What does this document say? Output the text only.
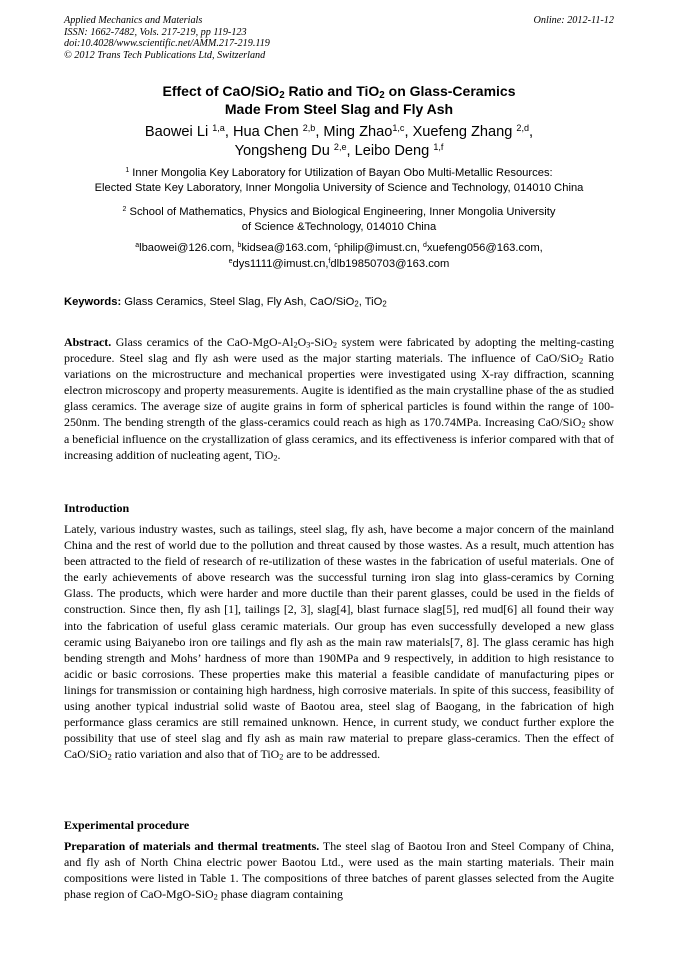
Applied Mechanics and Materials
ISSN: 1662-7482, Vols. 217-219, pp 119-123
doi:10.4028/www.scientific.net/AMM.217-219.119
© 2012 Trans Tech Publications Ltd, Switzerland
Online: 2012-11-12
Effect of CaO/SiO$_2$ Ratio and TiO$_2$ on Glass-Ceramics
Made From Steel Slag and Fly Ash
Baowei Li $^{1,a}$, Hua Chen $^{2,b}$, Ming Zhao$^{1,c}$, Xuefeng Zhang $^{2,d}$,
Yongsheng Du $^{2,e}$, Leibo Deng $^{1,f}$
$^1$ Inner Mongolia Key Laboratory for Utilization of Bayan Obo Multi-Metallic Resources:
Elected State Key Laboratory, Inner Mongolia University of Science and Technology, 014010 China
$^2$ School of Mathematics, Physics and Biological Engineering, Inner Mongolia University
of Science &Technology, 014010 China
$^a$lbaowei@126.com, $^b$kidsea@163.com, $^c$philip@imust.cn, $^d$xuefeng056@163.com,
$^e$dys1111@imust.cn,$^f$dlb19850703@163.com
Keywords: Glass Ceramics, Steel Slag, Fly Ash, CaO/SiO$_2$, TiO$_2$
Abstract. Glass ceramics of the CaO-$MgO-Al_2O_3-SiO_2$ system were fabricated by adopting the melting-casting procedure. Steel slag and fly ash were used as the major starting materials. The influence of CaO/SiO$_2$ Ratio variations on the microstructure and mechanical properties were investigated using X-ray diffraction, scanning electron microscopy and property measurements. Augite is identified as the main crystalline phase of the as studied glass ceramics. The average size of augite grains in form of spherical particles is found within the range of 100-250nm. The bending strength of the glass-ceramics could reach as high as 170.74MPa. Increasing CaO/SiO$_2$ show a beneficial influence on the crystallization of glass ceramics, and its effectiveness is inferior compared with that of increasing addition of nucleating agent, TiO$_2$.
Introduction
Lately, various industry wastes, such as tailings, steel slag, fly ash, have become a major concern of the mainland China and the rest of world due to the pollution and threat caused by those wastes. As a result, much attention has been attracted to the field of research of re-utilization of these wastes in the fabrication of useful materials. One of the early achievements of above research was the successful turning iron slag into glass-ceramics by Corning Glass. The products, which were harder and more ductile than their parent glasses, could be used in the fields of construction. Since then, fly ash [1], tailings [2, 3], slag[4], blast furnace slag[5], red mud[6] all found their way into the fabrication of useful glass ceramic materials. Our group has even successfully developed a new glass ceramic using Baiyanebo iron ore tailings and fly ash as the main raw materials[7, 8]. The glass ceramic has high bending strength and Mohs’ hardness of more than 190MPa and 9 respectively, in addition to high resistance to acidic or basic corrosions. These properties make this material a feasible candidate of manufacturing pipes or linings for transmission or containing high hardness, high corrosive materials. In spite of this success, feasibility of using another typical industrial solid waste of Baotou area, steel slag of Baogang, in the fabrication of high performance glass ceramics are still remained unknown. Hence, in current study, we conduct further explore the possibility that use of steel slag and fly ash as main raw material to prepare glass-ceramics. Then the effect of CaO/SiO$_2$ ratio variation and also that of TiO$_2$ are to be addressed.
Experimental procedure
Preparation of materials and thermal treatments. The steel slag of Baotou Iron and Steel Company of China, and fly ash of North China electric power Baotou Ltd., were used as the main starting materials. Their main compositions were listed in Table 1. The compositions of three batches of parent glasses selected from the Augite phase region of CaO-MgO-SiO$_2$ phase diagram containing
